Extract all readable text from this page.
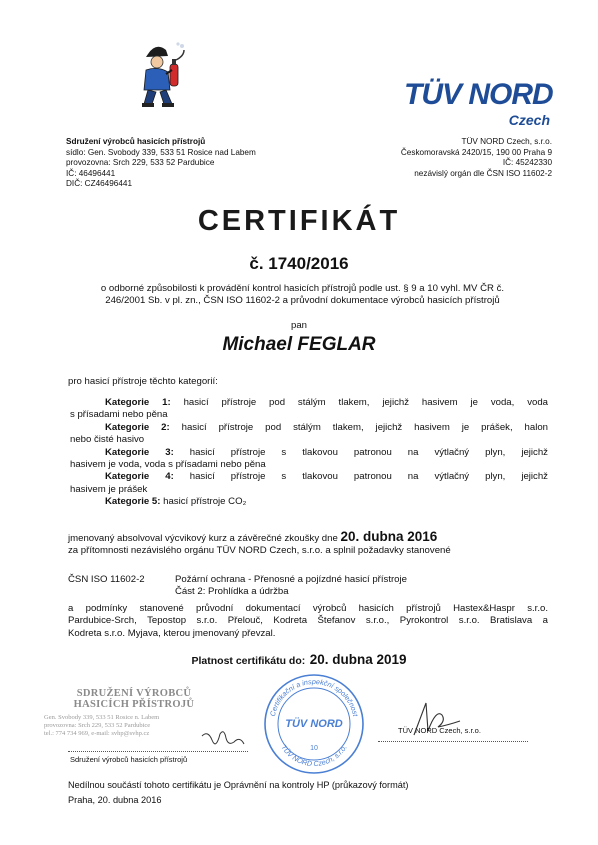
Sdružení výrobců hasicích přístrojů
sídlo: Gen. Svobody 339, 533 51 Rosice nad Labem
provozovna: Srch 229, 533 52 Pardubice
IČ: 46496441
DIČ: CZ46496441
TÜV NORD
Czech
TÜV NORD Czech, s.r.o.
Českomoravská 2420/15, 190 00 Praha 9
IČ: 45242330
nezávislý orgán dle ČSN ISO 11602-2
CERTIFIKÁT
č. 1740/2016
o odborné způsobilosti k provádění kontrol hasicích přístrojů podle ust. § 9 a 10 vyhl. MV ČR č.
246/2001 Sb. v pl. zn., ČSN ISO 11602-2 a průvodní dokumentace výrobců hasicích přístrojů
pan
Michael FEGLAR
pro hasicí přístroje těchto kategorií:
Kategorie 1: hasicí přístroje pod stálým tlakem, jejichž hasivem je voda, voda
s přísadami nebo pěna
Kategorie 2: hasicí přístroje pod stálým tlakem, jejichž hasivem je prášek, halon
nebo čisté hasivo
Kategorie 3: hasicí přístroje s tlakovou patronou na výtlačný plyn, jejichž
hasivem je voda, voda s přísadami nebo pěna
Kategorie 4: hasicí přístroje s tlakovou patronou na výtlačný plyn, jejichž
hasivem je prášek
Kategorie 5: hasicí přístroje CO₂
jmenovaný absolvoval výcvikový kurz a závěrečné zkoušky dne 20. dubna 2016
za přítomnosti nezávislého orgánu TÜV NORD Czech, s.r.o. a splnil požadavky stanovené
ČSN ISO 11602-2	Požární ochrana - Přenosné a pojízdné hasicí přístroje
Část 2: Prohlídka a údržba
a podmínky stanovené průvodní dokumentací výrobců hasicích přístrojů Hastex&Haspr s.r.o.
Pardubice-Srch, Tepostop s.r.o. Přelouč, Kodreta Štefanov s.r.o., Pyrokontrol s.r.o. Bratislava a
Kodreta s.r.o. Myjava, kterou jmenovaný převzal.
Platnost certifikátu do: 20. dubna 2019
SDRUŽENÍ VÝROBCŮ
HASICÍCH PŘÍSTROJŮ
Gen. Svobody 339, 533 51 Rosice n. Labem
provozovna: Srch 229, 533 52 Pardubice
tel.: 774 734 969, e-mail: svhp@svhp.cz
Sdružení výrobců hasicích přístrojů
Certifikační a inspekční společnost
TÜV NORD Czech, s.r.o.
TÜV NORD
10
TÜV NORD Czech, s.r.o.
Nedílnou součástí tohoto certifikátu je Oprávnění na kontroly HP (průkazový formát)
Praha, 20. dubna 2016
